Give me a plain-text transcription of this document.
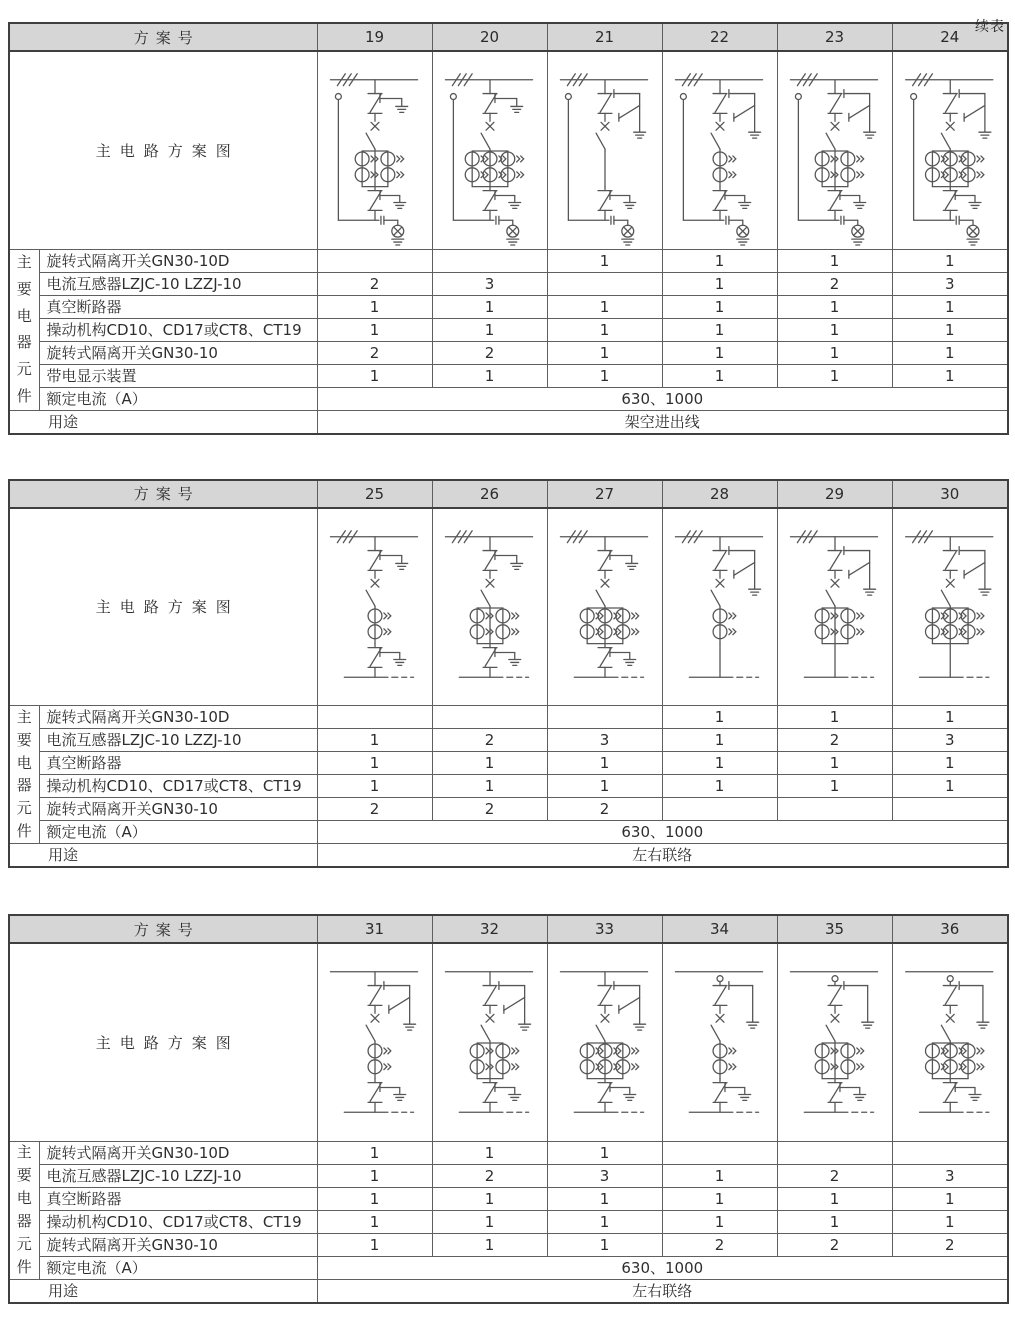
续表
方案号		19	20	21	22	23	24
主电路方案图	

主
要
电
器
元
件
	旋转式隔离开关GN30-10D			1	1	1	1
	电流互感器LZJC-10 LZZJ-10	2	3		1	2	3
	真空断路器	1	1	1	1	1	1
	操动机构CD10、CD17或CT8、CT19	1	1	1	1	1	1
	旋转式隔离开关GN30-10	2	2	1	1	1	1
	带电显示装置	1	1	1	1	1	1
	额定电流（A）	630、1000					
用途		架空进出线					
方案号		25	26	27	28	29	30
主电路方案图	

主
要
电
器
元
件
	旋转式隔离开关GN30-10D				1	1	1
	电流互感器LZJC-10 LZZJ-10	1	2	3	1	2	3
	真空断路器	1	1	1	1	1	1
	操动机构CD10、CD17或CT8、CT19	1	1	1	1	1	1
	旋转式隔离开关GN30-10	2	2	2			
	额定电流（A）	630、1000					
用途		左右联络					
方案号		31	32	33	34	35	36
主电路方案图	

主
要
电
器
元
件
	旋转式隔离开关GN30-10D	1	1	1			
	电流互感器LZJC-10 LZZJ-10	1	2	3	1	2	3
	真空断路器	1	1	1	1	1	1
	操动机构CD10、CD17或CT8、CT19	1	1	1	1	1	1
	旋转式隔离开关GN30-10	1	1	1	2	2	2
	额定电流（A）	630、1000					
用途		左右联络					
